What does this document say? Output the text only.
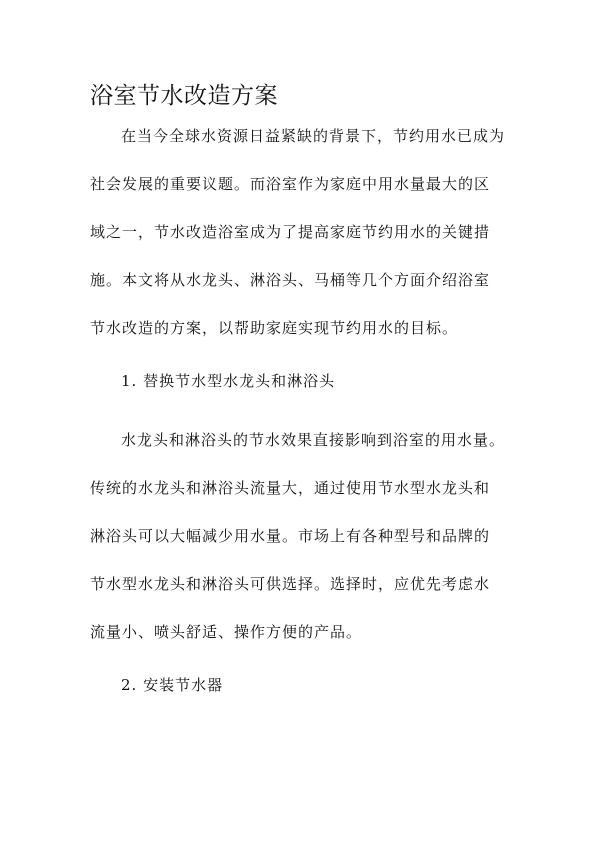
浴室节水改造方案
在当今全球水资源日益紧缺的背景下，节约用水已成为
社会发展的重要议题。而浴室作为家庭中用水量最大的区
域之一，节水改造浴室成为了提高家庭节约用水的关键措
施。本文将从水龙头、淋浴头、马桶等几个方面介绍浴室
节水改造的方案，以帮助家庭实现节约用水的目标。
1. 替换节水型水龙头和淋浴头
水龙头和淋浴头的节水效果直接影响到浴室的用水量。
传统的水龙头和淋浴头流量大，通过使用节水型水龙头和
淋浴头可以大幅减少用水量。市场上有各种型号和品牌的
节水型水龙头和淋浴头可供选择。选择时，应优先考虑水
流量小、喷头舒适、操作方便的产品。
2. 安装节水器
